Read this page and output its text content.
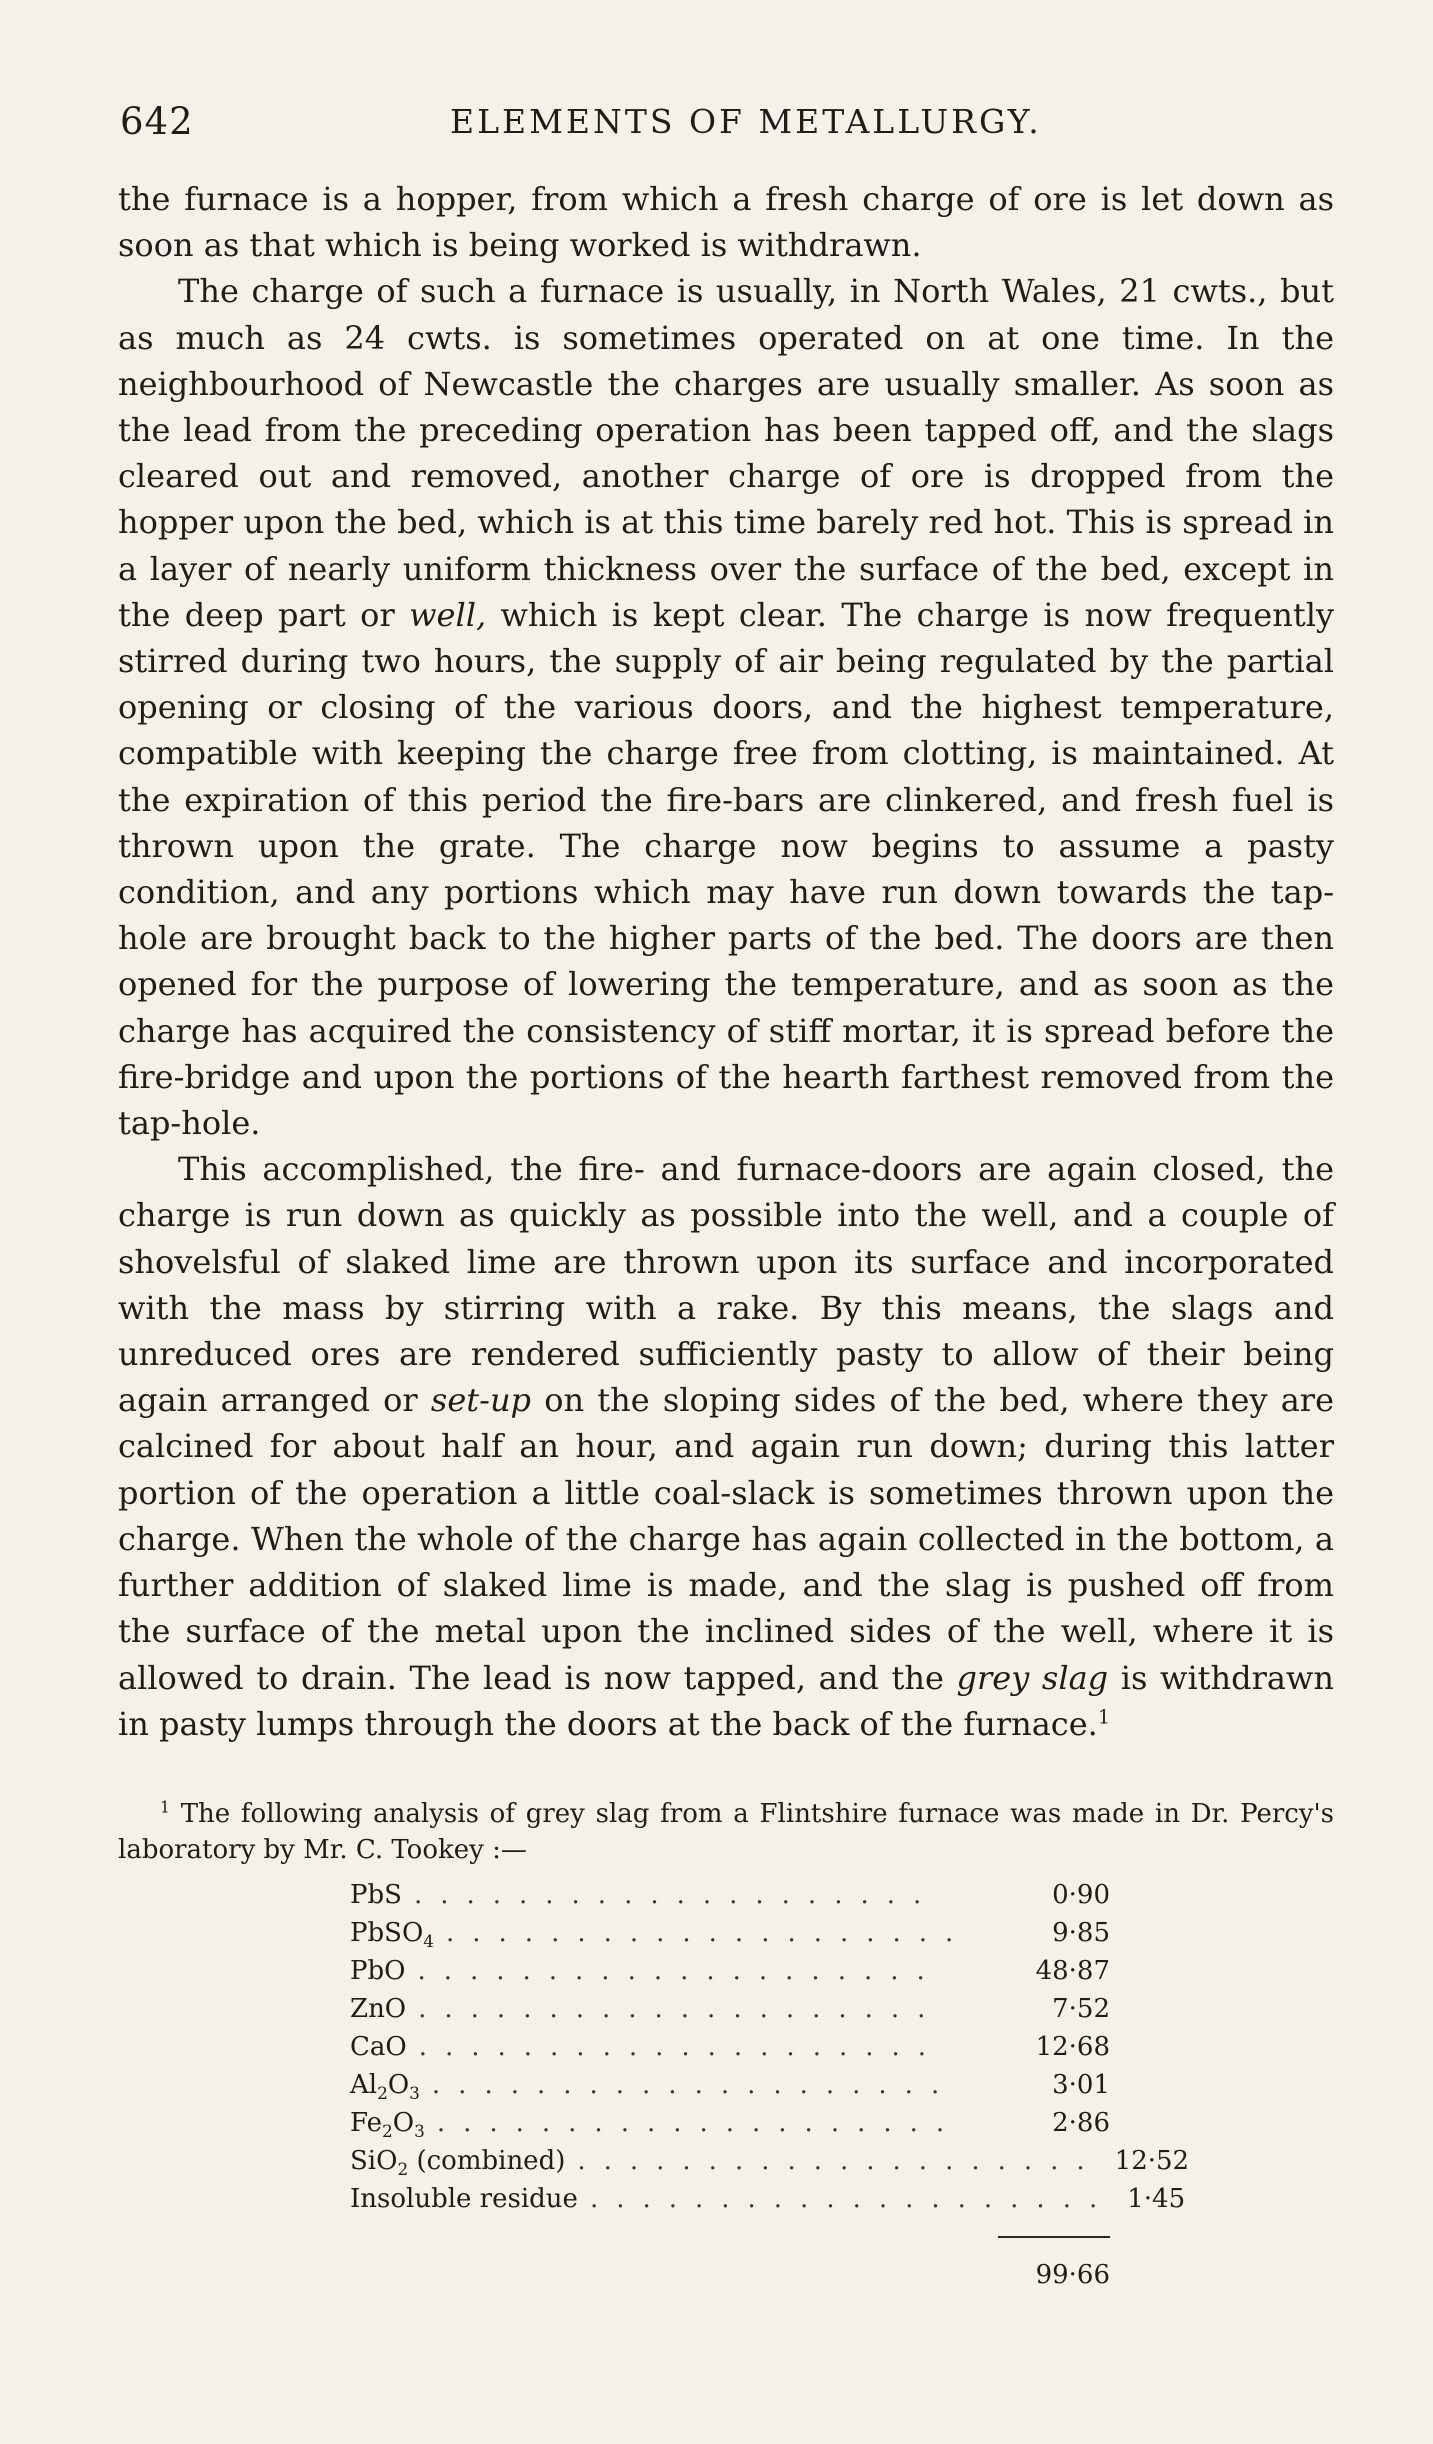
642	ELEMENTS OF METALLURGY.

the furnace is a hopper, from which a fresh charge of ore is let down as soon as that which is being worked is withdrawn.

The charge of such a furnace is usually, in North Wales, 21 cwts., but as much as 24 cwts. is sometimes operated on at one time. In the neighbourhood of Newcastle the charges are usually smaller. As soon as the lead from the preceding operation has been tapped off, and the slags cleared out and removed, another charge of ore is dropped from the hopper upon the bed, which is at this time barely red hot. This is spread in a layer of nearly uniform thickness over the surface of the bed, except in the deep part or well, which is kept clear. The charge is now frequently stirred during two hours, the supply of air being regulated by the partial opening or closing of the various doors, and the highest temperature, compatible with keeping the charge free from clotting, is maintained. At the expiration of this period the fire-bars are clinkered, and fresh fuel is thrown upon the grate. The charge now begins to assume a pasty condition, and any portions which may have run down towards the tap-hole are brought back to the higher parts of the bed. The doors are then opened for the purpose of lowering the temperature, and as soon as the charge has acquired the consistency of stiff mortar, it is spread before the fire-bridge and upon the portions of the hearth farthest removed from the tap-hole.

This accomplished, the fire- and furnace-doors are again closed, the charge is run down as quickly as possible into the well, and a couple of shovelsful of slaked lime are thrown upon its surface and incorporated with the mass by stirring with a rake. By this means, the slags and unreduced ores are rendered sufficiently pasty to allow of their being again arranged or set-up on the sloping sides of the bed, where they are calcined for about half an hour, and again run down; during this latter portion of the operation a little coal-slack is sometimes thrown upon the charge. When the whole of the charge has again collected in the bottom, a further addition of slaked lime is made, and the slag is pushed off from the surface of the metal upon the inclined sides of the well, where it is allowed to drain. The lead is now tapped, and the grey slag is withdrawn in pasty lumps through the doors at the back of the furnace.$^1$

$^1$ The following analysis of grey slag from a Flintshire furnace was made in Dr. Percy's laboratory by Mr. C. Tookey :—
PbS ....................	0·90
PbSO$_4$ ....................	9·85
PbO ....................	48·87
ZnO ....................	7·52
CaO ....................	12·68
$Al_2O_3$ ....................	3·01
$Fe_2O_3$ ....................	2·86
SiO$_2$ (combined) .................... 12·52
Insoluble residue .................... 1·45
99·66
